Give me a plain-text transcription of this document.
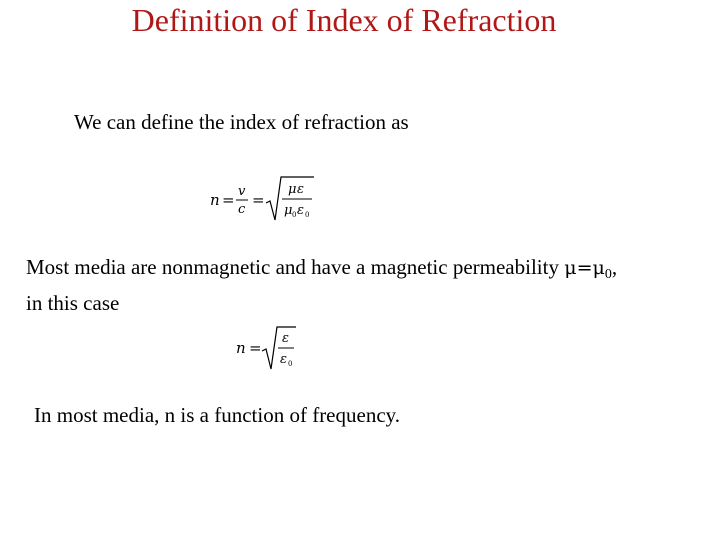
Definition of Index of Refraction
We can define the index of refraction as
n = v
c
=
μ ε
μ 0 ε 0
Most media are nonmagnetic and have a magnetic permeability $\mu=\mu_0$,
in this case
n =
ε
ε 0
In most media, n is a function of frequency.
